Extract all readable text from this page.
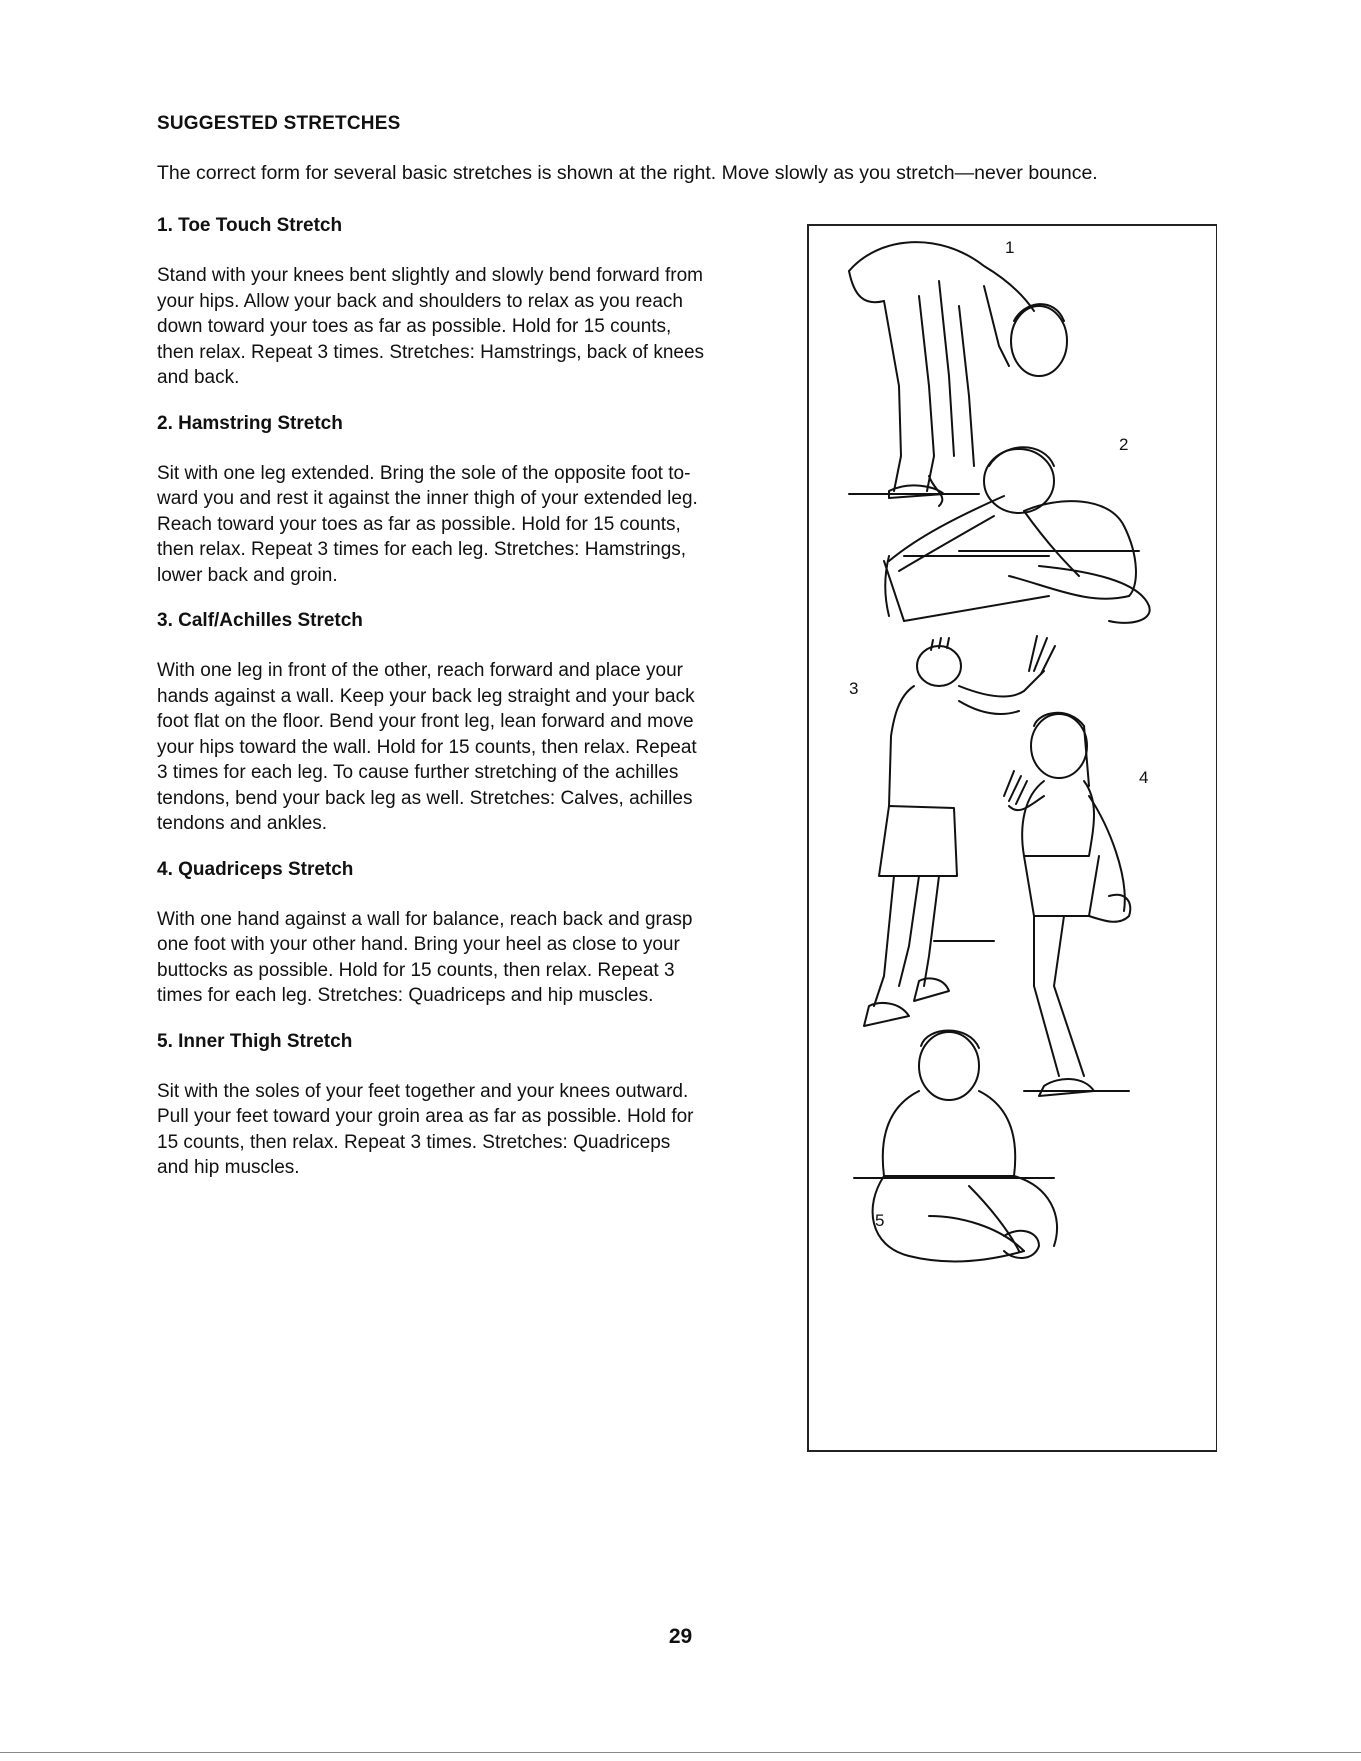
SUGGESTED STRETCHES
The correct form for several basic stretches is shown at the right. Move slowly as you stretch—never bounce.
1. Toe Touch Stretch
Stand with your knees bent slightly and slowly bend forward from
your hips. Allow your back and shoulders to relax as you reach
down toward your toes as far as possible. Hold for 15 counts,
then relax. Repeat 3 times. Stretches: Hamstrings, back of knees
and back.
2. Hamstring Stretch
Sit with one leg extended. Bring the sole of the opposite foot to-
ward you and rest it against the inner thigh of your extended leg.
Reach toward your toes as far as possible. Hold for 15 counts,
then relax. Repeat 3 times for each leg. Stretches: Hamstrings,
lower back and groin.
3. Calf/Achilles Stretch
With one leg in front of the other, reach forward and place your
hands against a wall. Keep your back leg straight and your back
foot flat on the floor. Bend your front leg, lean forward and move
your hips toward the wall. Hold for 15 counts, then relax. Repeat
3 times for each leg. To cause further stretching of the achilles
tendons, bend your back leg as well. Stretches: Calves, achilles
tendons and ankles.
4. Quadriceps Stretch
With one hand against a wall for balance, reach back and grasp
one foot with your other hand. Bring your heel as close to your
buttocks as possible. Hold for 15 counts, then relax. Repeat 3
times for each leg. Stretches: Quadriceps and hip muscles.
5. Inner Thigh Stretch
Sit with the soles of your feet together and your knees outward.
Pull your feet toward your groin area as far as possible. Hold for
15 counts, then relax. Repeat 3 times. Stretches: Quadriceps
and hip muscles.
1
2
3
4
5
29
